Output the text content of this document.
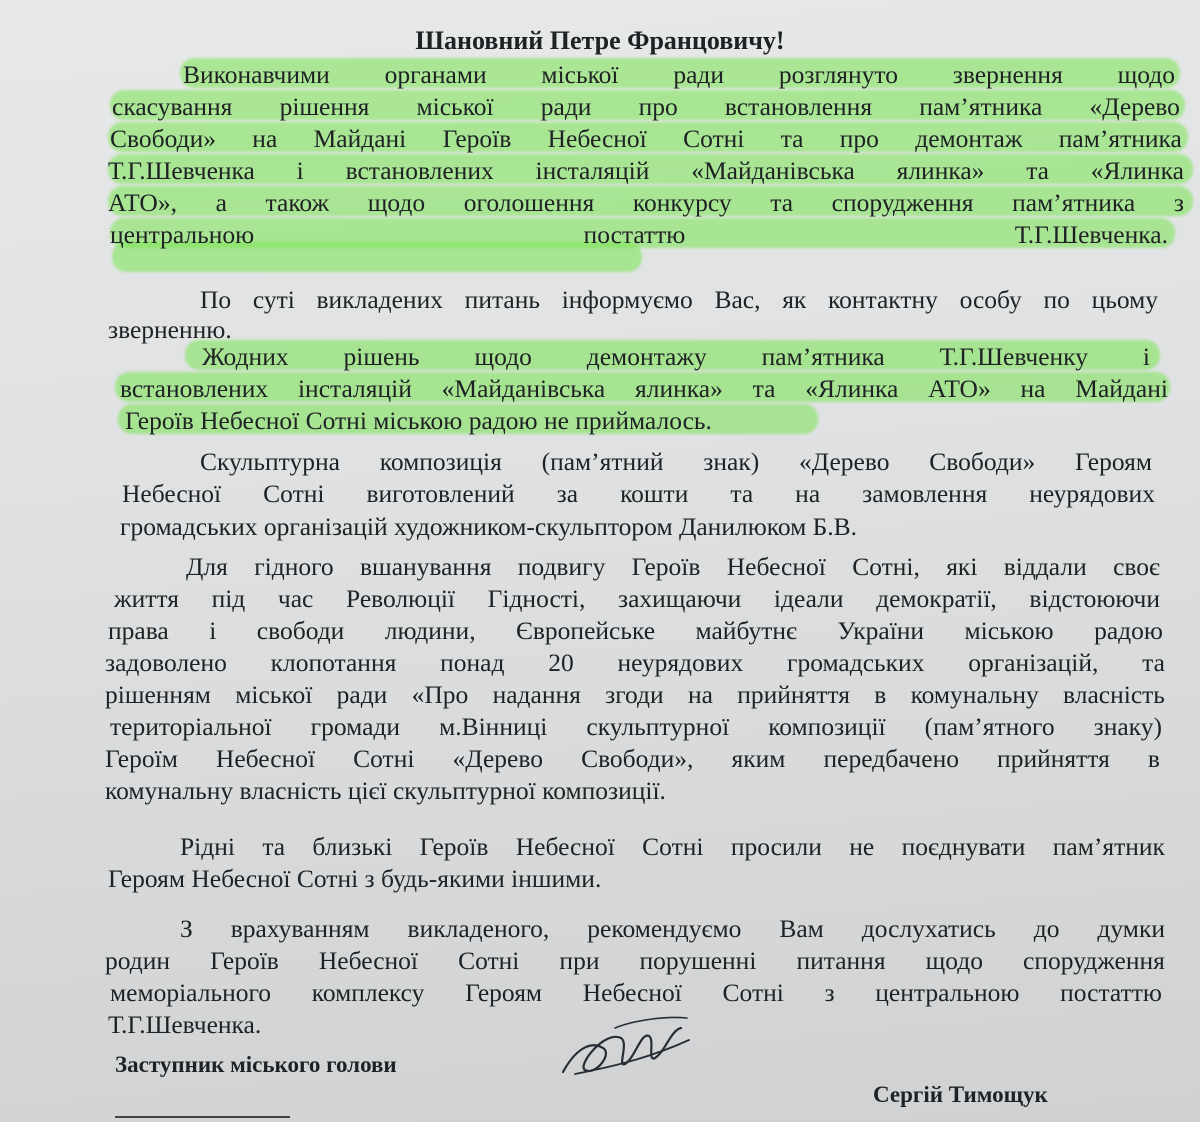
Шановний Петре Францовичу!
Виконавчими органами міської ради розглянуто звернення щодо
скасування рішення міської ради про встановлення пам’ятника «Дерево
Свободи» на Майдані Героїв Небесної Сотні та про демонтаж пам’ятника
Т.Г.Шевченка і встановлених інсталяцій «Майданівська ялинка» та «Ялинка
АТО», а також щодо оголошення конкурсу та спорудження пам’ятника з
центральною	постаттю	Т.Г.Шевченка.
По суті викладених питань інформуємо Вас, як контактну особу по цьому
зверненню.
Жодних рішень щодо демонтажу пам’ятника Т.Г.Шевченку і
встановлених інсталяцій «Майданівська ялинка» та «Ялинка АТО» на Майдані
Героїв Небесної Сотні міською радою не приймалось.
Скульптурна композиція (пам’ятний знак) «Дерево Свободи» Героям
Небесної Сотні виготовлений за кошти та на замовлення неурядових
громадських організацій художником-скульптором Данилюком Б.В.
Для гідного вшанування подвигу Героїв Небесної Сотні, які віддали своє
життя під час Революції Гідності, захищаючи ідеали демократії, відстоюючи
права і свободи людини, Європейське майбутнє України міською радою
задоволено клопотання понад 20 неурядових громадських організацій, та
рішенням міської ради «Про надання згоди на прийняття в комунальну власність
територіальної громади м.Вінниці скульптурної композиції (пам’ятного знаку)
Героїм Небесної Сотні «Дерево Свободи», яким передбачено прийняття в
комунальну власність цієї скульптурної композиції.
Рідні та близькі Героїв Небесної Сотні просили не поєднувати пам’ятник
Героям Небесної Сотні з будь-якими іншими.
З врахуванням викладеного, рекомендуємо Вам дослухатись до думки
родин Героїв Небесної Сотні при порушенні питання щодо спорудження
меморіального комплексу Героям Небесної Сотні з центральною постаттю
Т.Г.Шевченка.
Заступник міського голови
Сергій Тимощук
